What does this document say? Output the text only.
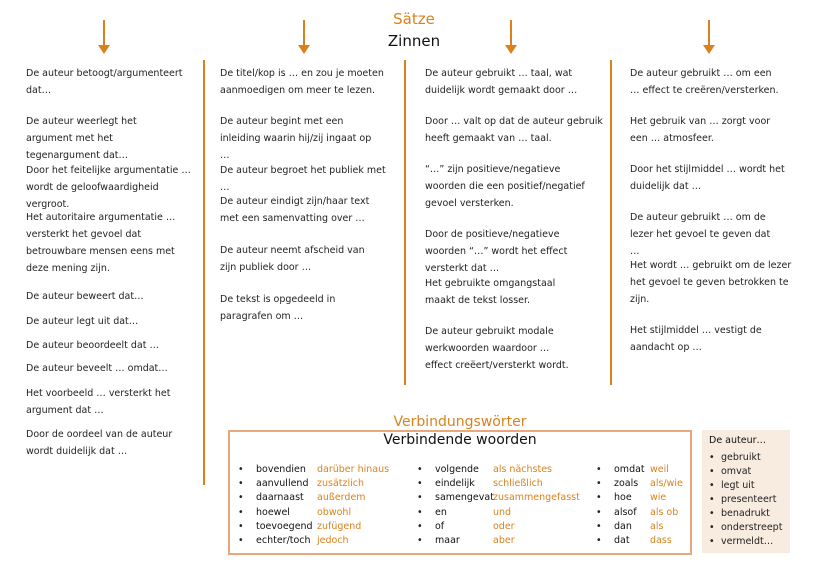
Sätze
Zinnen
De auteur betoogt/argumenteert dat…
De auteur weerlegt het argument met het tegenargument dat…
Door het feitelijke argumentatie … wordt de geloofwaardigheid vergroot.
Het autoritaire argumentatie … versterkt het gevoel dat betrouwbare mensen eens met deze mening zijn.
De auteur beweert dat…
De auteur legt uit dat…
De auteur beoordeelt dat …
De auteur beveelt … omdat…
Het voorbeeld … versterkt het argument dat …
Door de oordeel van de auteur wordt duidelijk dat …
De titel/kop is … en zou je moeten aanmoedigen om meer te lezen.
De auteur begint met een inleiding waarin hij/zij ingaat op …
De auteur begroet het publiek met …
De auteur eindigt zijn/haar text met een samenvatting over …
De auteur neemt afscheid van zijn publiek door …
De tekst is opgedeeld in paragrafen om …
De auteur gebruikt … taal, wat duidelijk wordt gemaakt door …
Door … valt op dat de auteur gebruik heeft gemaakt van … taal.
“…” zijn positieve/negatieve woorden die een positief/negatief gevoel versterken.
Door de positieve/negatieve woorden “…” wordt het effect versterkt dat …
Het gebruikte omgangstaal maakt de tekst losser.
De auteur gebruikt modale werkwoorden waardoor … effect creëert/versterkt wordt.
De auteur gebruikt … om een … effect te creëren/versterken.
Het gebruik van … zorgt voor een … atmosfeer.
Door het stijlmiddel … wordt het duidelijk dat …
De auteur gebruikt … om de lezer het gevoel te geven dat …
Het wordt … gebruikt om de lezer het gevoel te geven betrokken te zijn.
Het stijlmiddel … vestigt de aandacht op …
Verbindungswörter
Verbindende woorden
• bovendien darüber hinaus
• aanvullend zusätzlich
• daarnaast außerdem
• hoewel	obwohl
• toevoegend zufügend
• echter/toch jedoch
• volgende als nächstes
• eindelijk schließlich
• samengevat zusammengefasst
• en	und
• of	oder
• maar	aber
• omdat weil
• zoals als/wie
• hoe wie
• alsof als ob
• dan als
• dat dass
De auteur…
• gebruikt
• omvat
• legt uit
• presenteert
• benadrukt
• onderstreept
• vermeldt…
